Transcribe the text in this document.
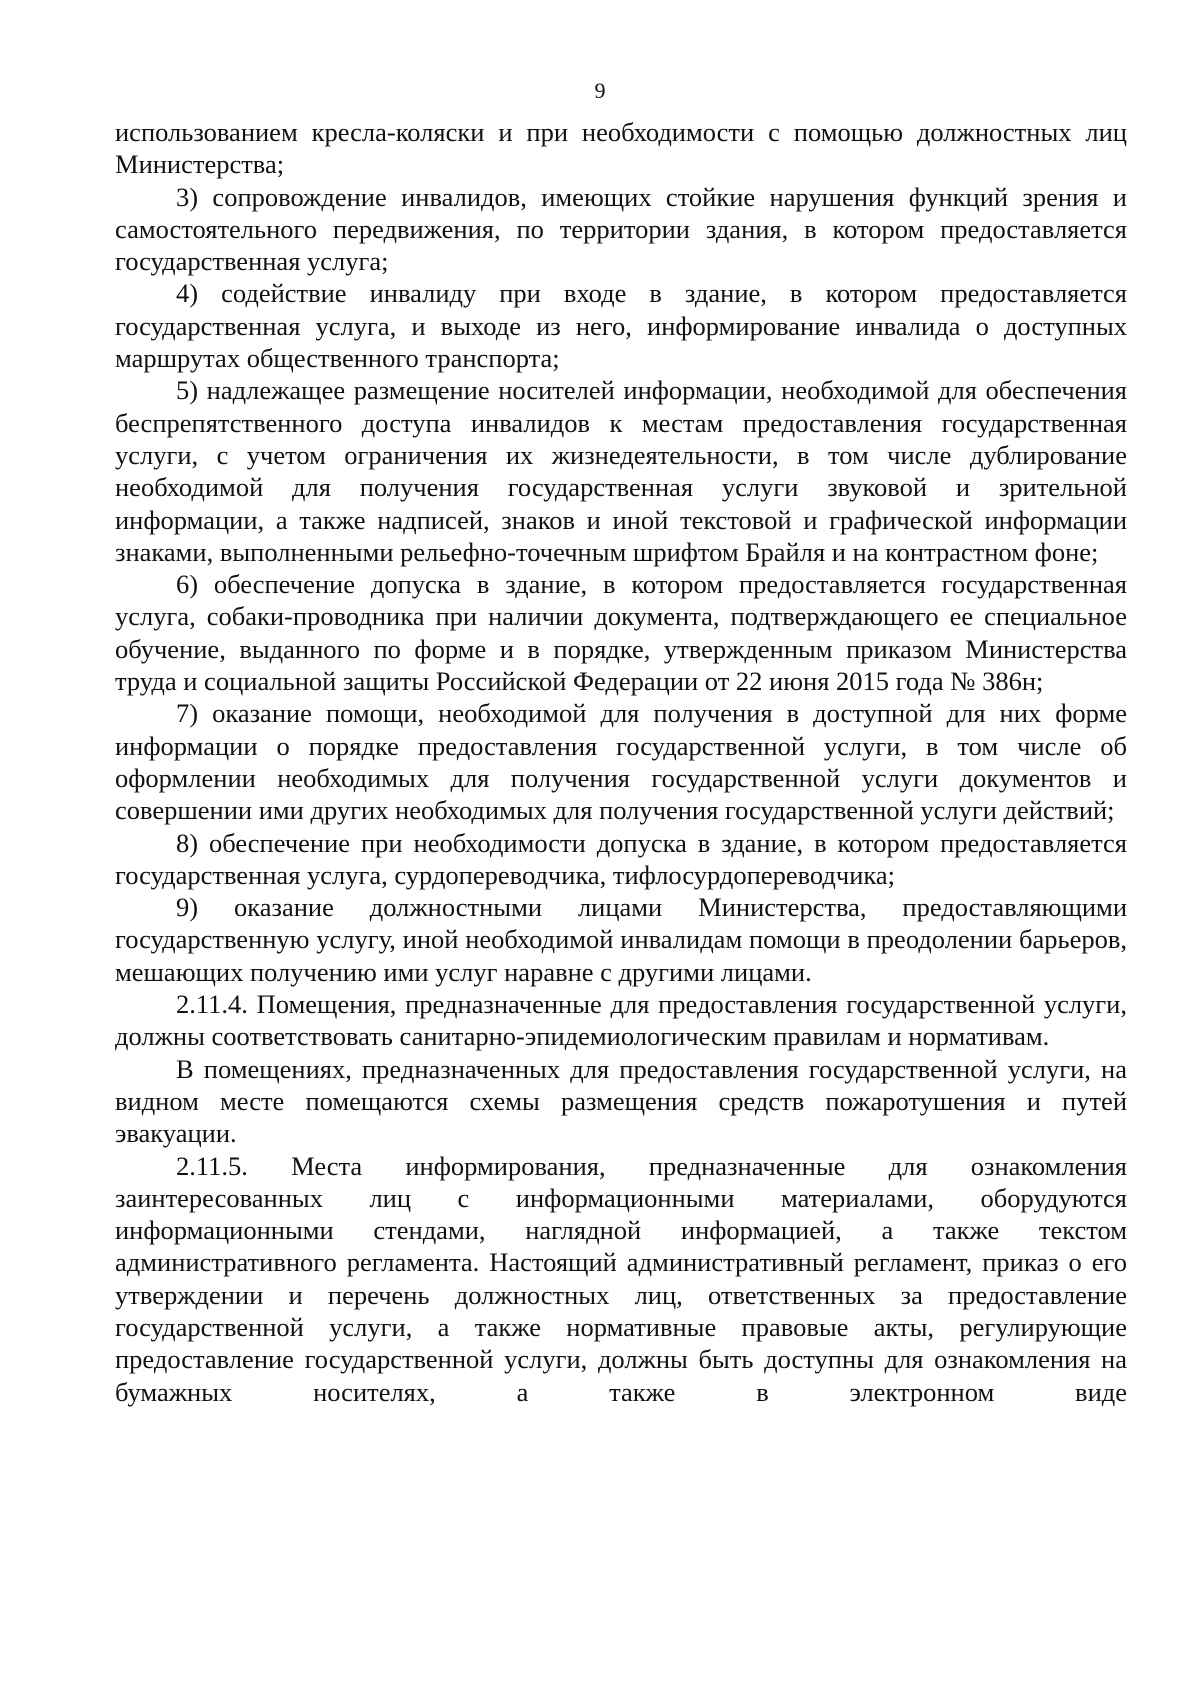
9

использованием кресла-коляски и при необходимости с помощью должностных лиц Министерства;

3) сопровождение инвалидов, имеющих стойкие нарушения функций зрения и самостоятельного передвижения, по территории здания, в котором предоставляется государственная услуга;

4) содействие инвалиду при входе в здание, в котором предоставляется государственная услуга, и выходе из него, информирование инвалида о доступных маршрутах общественного транспорта;

5) надлежащее размещение носителей информации, необходимой для обеспечения беспрепятственного доступа инвалидов к местам предоставления государственная услуги, с учетом ограничения их жизнедеятельности, в том числе дублирование необходимой для получения государственная услуги звуковой и зрительной информации, а также надписей, знаков и иной текстовой и графической информации знаками, выполненными рельефно-точечным шрифтом Брайля и на контрастном фоне;

6) обеспечение допуска в здание, в котором предоставляется государственная услуга, собаки-проводника при наличии документа, подтверждающего ее специальное обучение, выданного по форме и в порядке, утвержденным приказом Министерства труда и социальной защиты Российской Федерации от 22 июня 2015 года № 386н;

7) оказание помощи, необходимой для получения в доступной для них форме информации о порядке предоставления государственной услуги, в том числе об оформлении необходимых для получения государственной услуги документов и совершении ими других необходимых для получения государственной услуги действий;

8) обеспечение при необходимости допуска в здание, в котором предоставляется государственная услуга, сурдопереводчика, тифлосурдопереводчика;

9) оказание должностными лицами Министерства, предоставляющими государственную услугу, иной необходимой инвалидам помощи в преодолении барьеров, мешающих получению ими услуг наравне с другими лицами.

2.11.4. Помещения, предназначенные для предоставления государственной услуги, должны соответствовать санитарно-эпидемиологическим правилам и нормативам.

В помещениях, предназначенных для предоставления государственной услуги, на видном месте помещаются схемы размещения средств пожаротушения и путей эвакуации.

2.11.5. Места информирования, предназначенные для ознакомления заинтересованных лиц с информационными материалами, оборудуются информационными стендами, наглядной информацией, а также текстом административного регламента. Настоящий административный регламент, приказ о его утверждении и перечень должностных лиц, ответственных за предоставление государственной услуги, а также нормативные правовые акты, регулирующие предоставление государственной услуги, должны быть доступны для ознакомления на бумажных носителях, а также в электронном виде
